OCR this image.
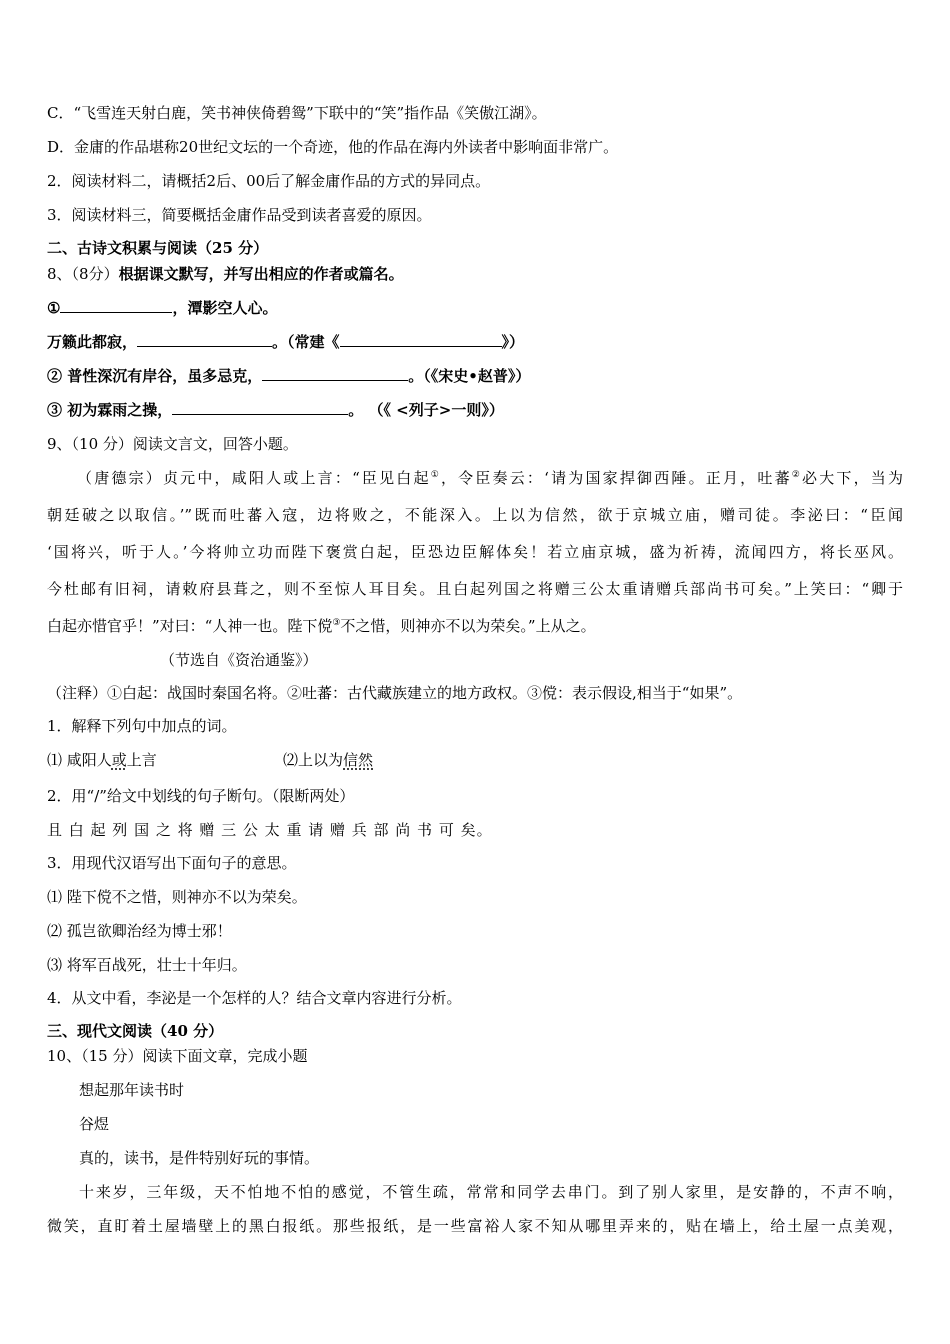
C．“飞雪连天射白鹿，笑书神侠倚碧鸳”下联中的“笑”指作品《笑傲江湖》。
D．金庸的作品堪称20世纪文坛的一个奇迹，他的作品在海内外读者中影响面非常广。
2．阅读材料二，请概括2后、00后了解金庸作品的方式的异同点。
3．阅读材料三，简要概括金庸作品受到读者喜爱的原因。
二、古诗文积累与阅读（25 分）
8、（8分）根据课文默写，并写出相应的作者或篇名。
①	，潭影空人心。
万籁此都寂，	。（常建《	》）
② 普性深沉有岸谷，虽多忌克，	。（《宋史•赵普》）
③ 初为霖雨之操，	。 （《 <列子>一则》）
9、（10 分）阅读文言文，回答小题。
（唐德宗）贞元中，咸阳人或上言：“臣见白起①，令臣奏云：‘请为国家捍御西陲。正月，吐蕃②必大下，当为
朝廷破之以取信。’”既而吐蕃入寇，边将败之，不能深入。上以为信然，欲于京城立庙，赠司徒。李泌曰：“臣闻
‘国将兴，听于人。’今将帅立功而陛下褒赏白起，臣恐边臣解体矣！若立庙京城，盛为祈祷，流闻四方，将长巫风。
今杜邮有旧祠，请敕府县葺之，则不至惊人耳目矣。且白起列国之将赠三公太重请赠兵部尚书可矣。”上笑曰：“卿于
白起亦惜官乎！”对曰：“人神一也。陛下傥③不之惜，则神亦不以为荣矣。”上从之。
（节选自《资治通鉴》）
（注释）①白起：战国时秦国名将。②吐蕃：古代藏族建立的地方政权。③傥：表示假设,相当于“如果”。
1．解释下列句中加点的词。
⑴ 咸阳人或上言	⑵上以为信然
2．用“/”给文中划线的句子断句。（限断两处）
且 白 起 列 国 之 将 赠 三 公 太 重 请 赠 兵 部 尚 书 可 矣。
3．用现代汉语写出下面句子的意思。
⑴ 陛下傥不之惜，则神亦不以为荣矣。
⑵ 孤岂欲卿治经为博士邪！
⑶ 将军百战死，壮士十年归。
4．从文中看，李泌是一个怎样的人？结合文章内容进行分析。
三、现代文阅读（40 分）
10、（15 分）阅读下面文章，完成小题
想起那年读书时
谷煜
真的，读书，是件特别好玩的事情。
十来岁，三年级，天不怕地不怕的感觉，不管生疏，常常和同学去串门。到了别人家里，是安静的，不声不响，
微笑，直盯着土屋墙壁上的黑白报纸。那些报纸，是一些富裕人家不知从哪里弄来的，贴在墙上，给土屋一点美观，
